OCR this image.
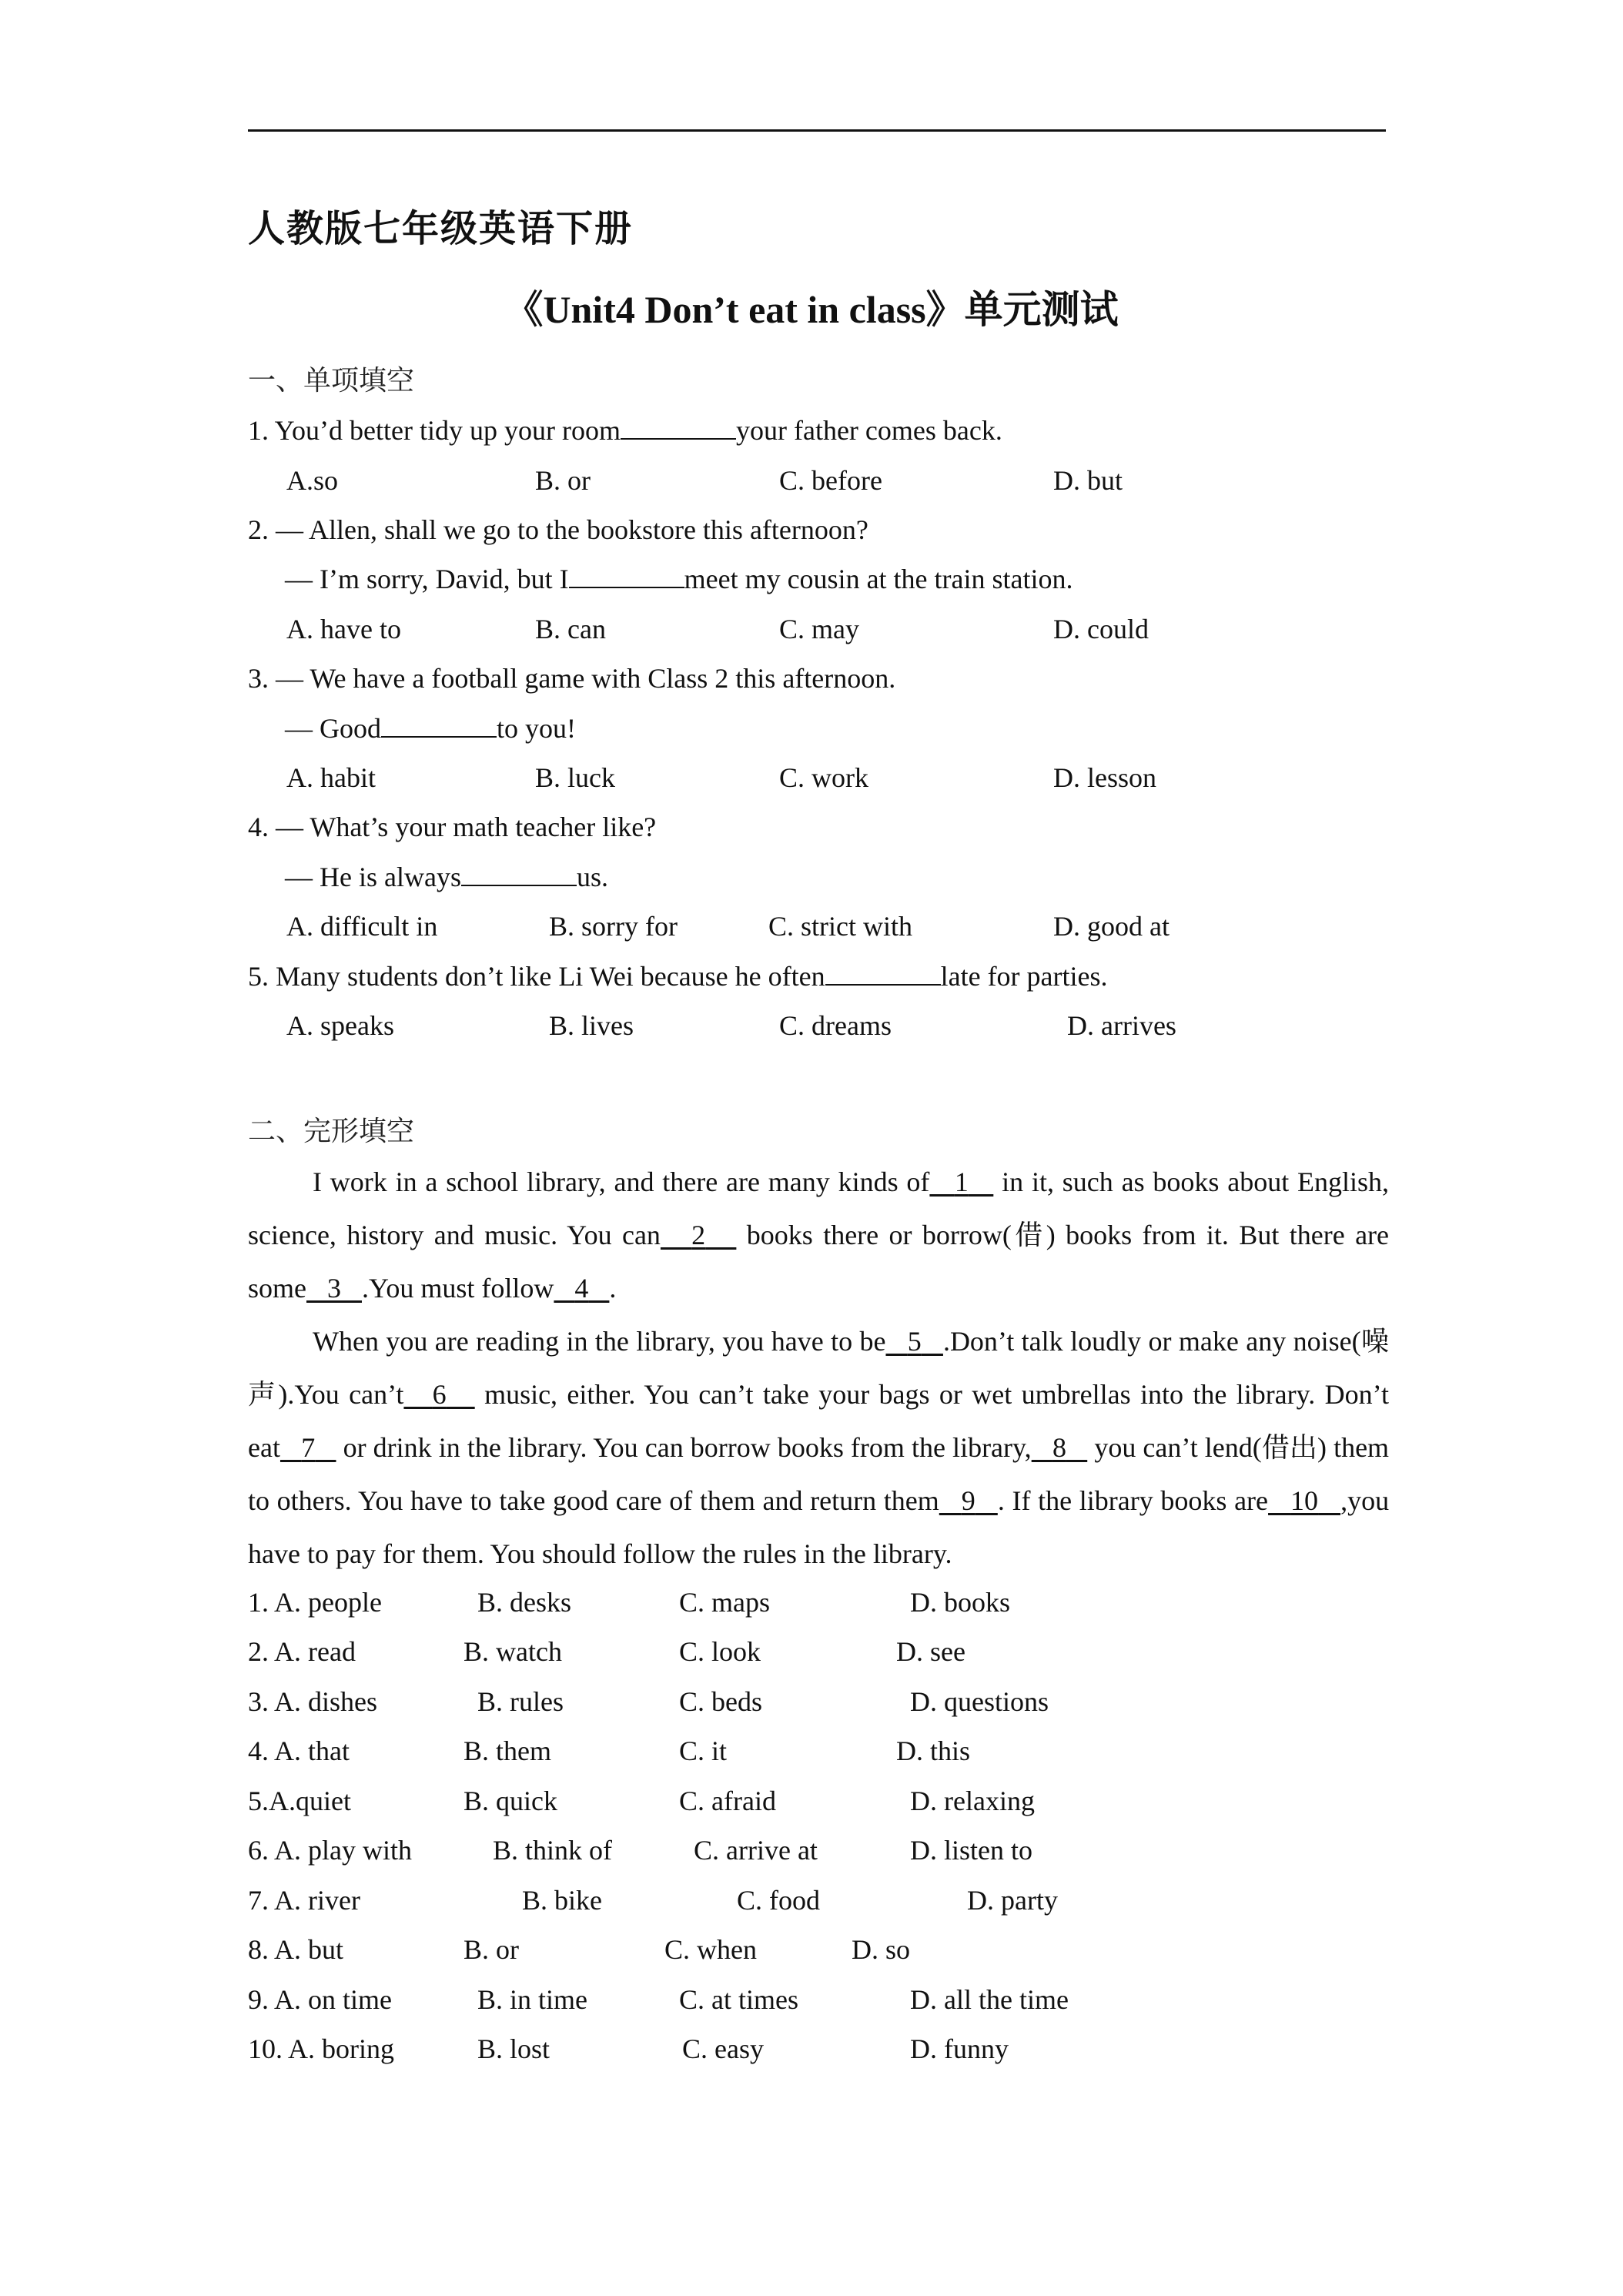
人教版七年级英语下册
《Unit4 Don’t eat in class》单元测试
一、单项填空
1. You’d better tidy up your room	your father comes back.
A.so	B. or	C. before	D. but
2. — Allen, shall we go to the bookstore this afternoon?
— I’m sorry, David, but I	meet my cousin at the train station.
A. have to	B. can	C. may	D. could
3. — We have a football game with Class 2 this afternoon.
— Good	to you!
A. habit	B. luck	C. work	D. lesson
4. — What’s your math teacher like?
— He is always	us.
A. difficult in	B. sorry for	C. strict with	D. good at
5. Many students don’t like Li Wei because he often	late for parties.
A. speaks	B. lives	C. dreams	D. arrives
二、完形填空
I work in a school library, and there are many kinds of 1 in it, such as books about English, science, history and music. You can 2 books there or borrow(借) books from it. But there are some 3 .You must follow 4 .
When you are reading in the library, you have to be 5 .Don’t talk loudly or make any noise(噪声).You can’t 6 music, either. You can’t take your bags or wet umbrellas into the library. Don’t eat 7 or drink in the library. You can borrow books from the library, 8 you can’t lend(借出) them to others. You have to take good care of them and return them 9 . If the library books are 10 ,you have to pay for them. You should follow the rules in the library.
1. A. people	B. desks	C. maps	D. books
2. A. read	B. watch	C. look	D. see
3. A. dishes	B. rules	C. beds	D. questions
4. A. that	B. them	C. it	D. this
5.A.quiet	B. quick	C. afraid	D. relaxing
6. A. play with	B. think of	C. arrive at	D. listen to
7. A. river	B. bike	C. food	D. party
8. A. but	B. or	C. when	D. so
9. A. on time	B. in time	C. at times	D. all the time
10. A. boring	B. lost	C. easy	D. funny
